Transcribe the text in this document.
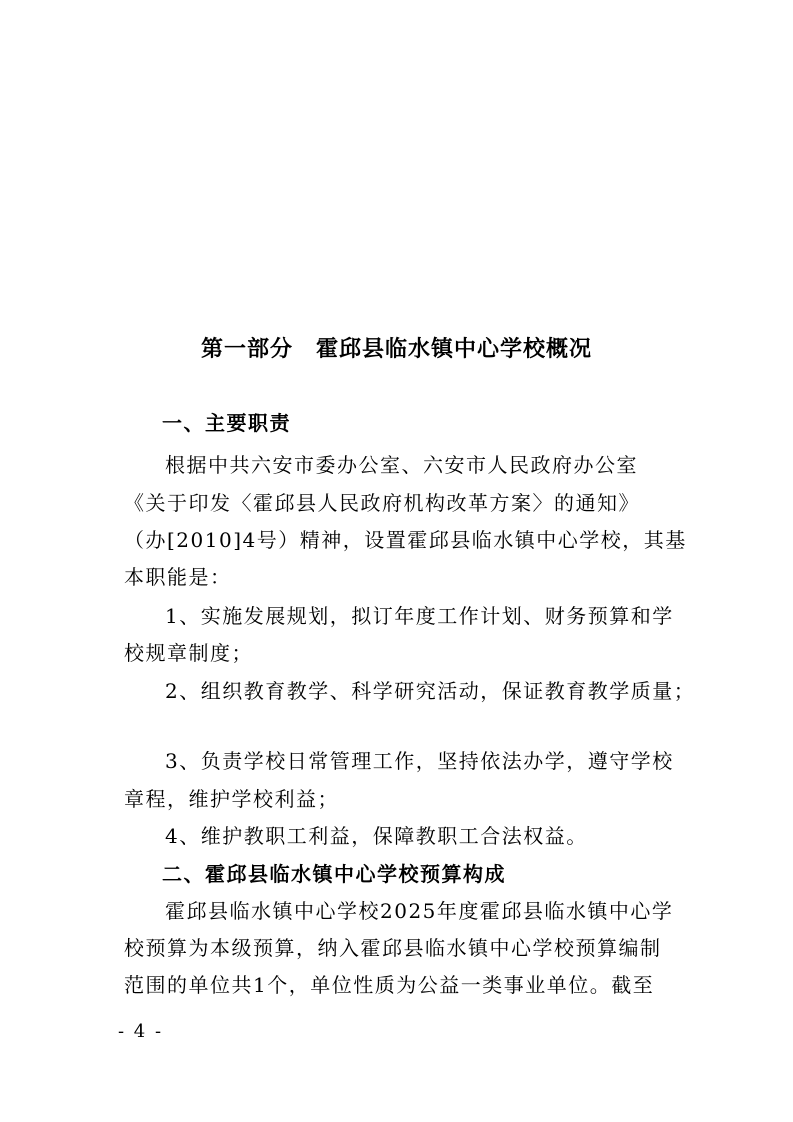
第一部分　霍邱县临水镇中心学校概况
一、主要职责
根据中共六安市委办公室、六安市人民政府办公室
《关于印发〈霍邱县人民政府机构改革方案〉的通知》
（办[2010]4号）精神，设置霍邱县临水镇中心学校，其基
本职能是：
1、实施发展规划，拟订年度工作计划、财务预算和学
校规章制度；
2、组织教育教学、科学研究活动，保证教育教学质量；
3、负责学校日常管理工作，坚持依法办学，遵守学校
章程，维护学校利益；
4、维护教职工利益，保障教职工合法权益。
二、霍邱县临水镇中心学校预算构成
霍邱县临水镇中心学校2025年度霍邱县临水镇中心学
校预算为本级预算，纳入霍邱县临水镇中心学校预算编制
范围的单位共1个，单位性质为公益一类事业单位。截至
- 4 -
